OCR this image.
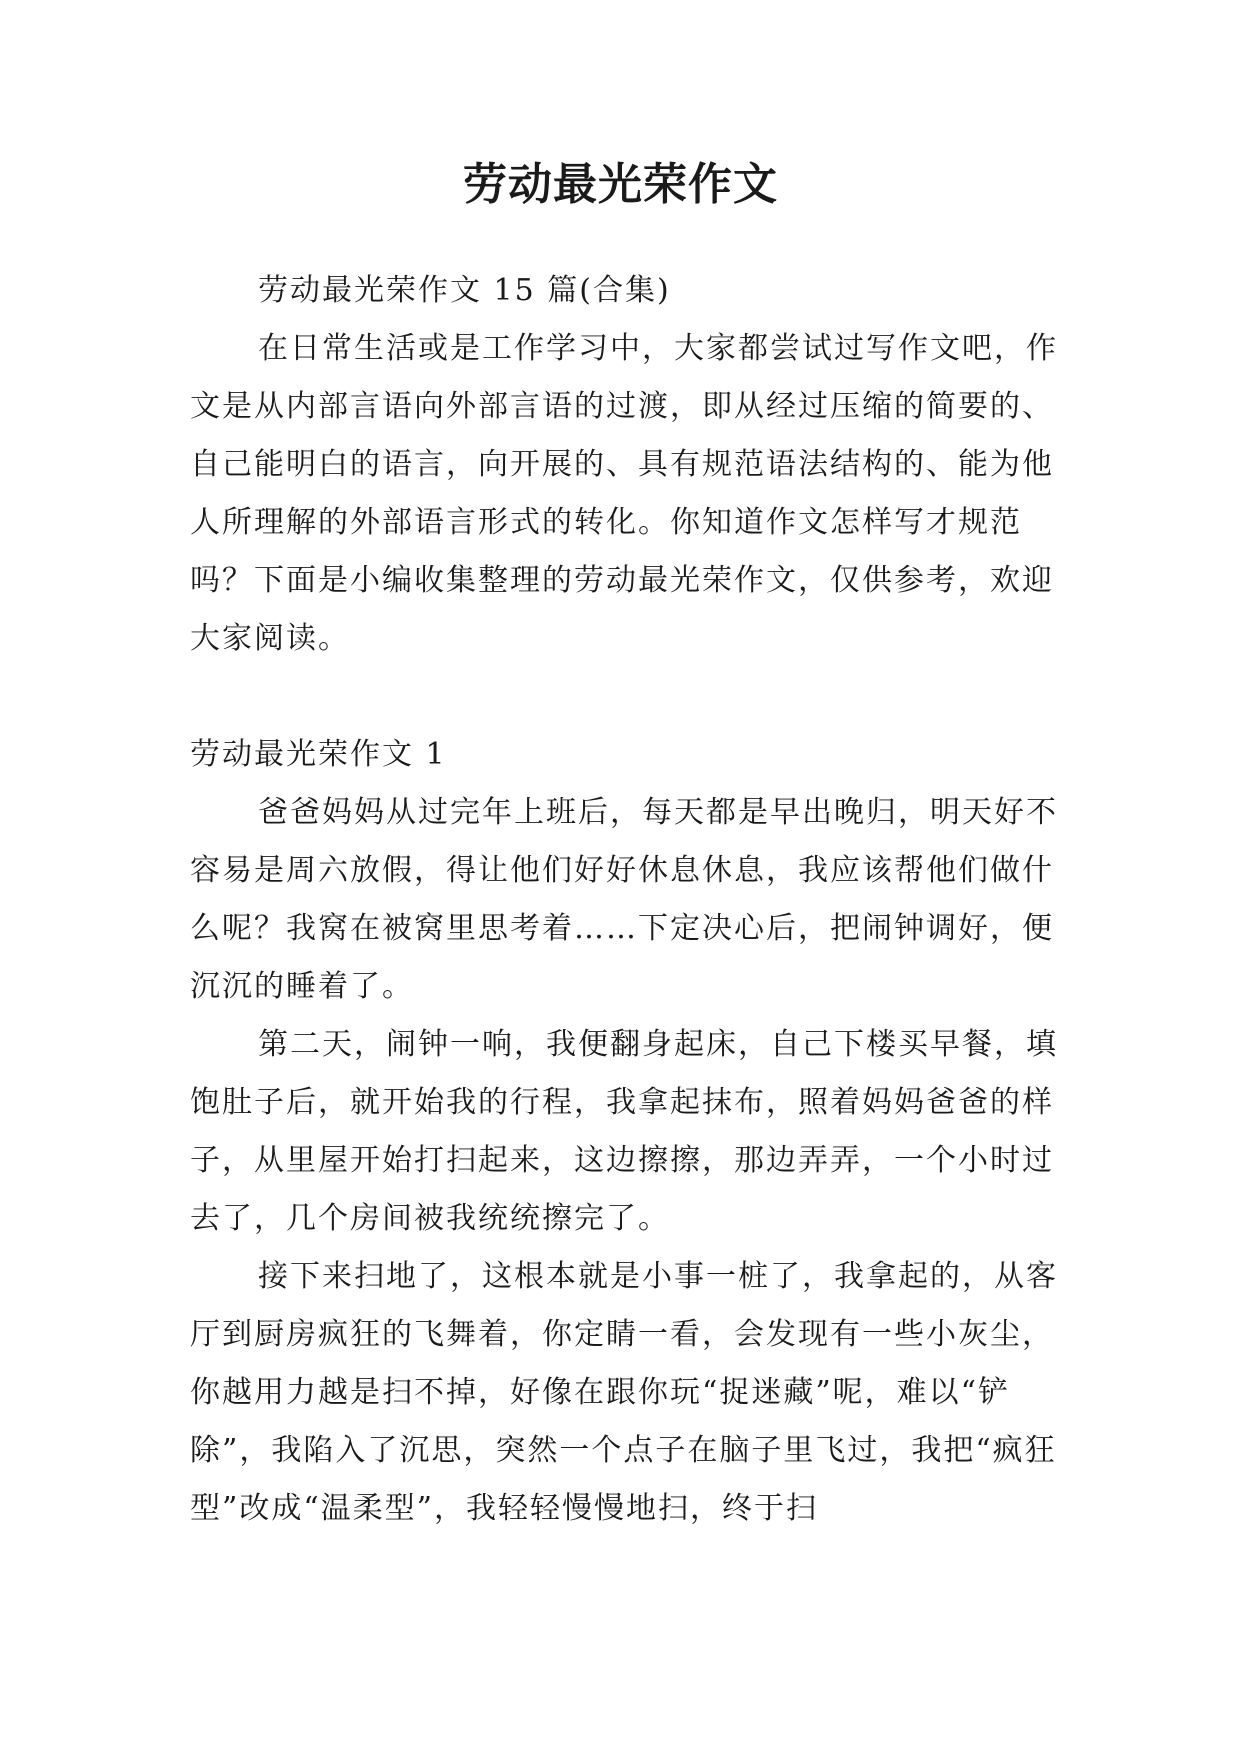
劳动最光荣作文

劳动最光荣作文 15 篇(合集)

在日常生活或是工作学习中，大家都尝试过写作文吧，作文是从内部言语向外部言语的过渡，即从经过压缩的简要的、自己能明白的语言，向开展的、具有规范语法结构的、能为他人所理解的外部语言形式的转化。你知道作文怎样写才规范吗？下面是小编收集整理的劳动最光荣作文，仅供参考，欢迎大家阅读。

劳动最光荣作文 1

爸爸妈妈从过完年上班后，每天都是早出晚归，明天好不容易是周六放假，得让他们好好休息休息，我应该帮他们做什么呢？我窝在被窝里思考着……下定决心后，把闹钟调好，便沉沉的睡着了。

第二天，闹钟一响，我便翻身起床，自己下楼买早餐，填饱肚子后，就开始我的行程，我拿起抹布，照着妈妈爸爸的样子，从里屋开始打扫起来，这边擦擦，那边弄弄，一个小时过去了，几个房间被我统统擦完了。

接下来扫地了，这根本就是小事一桩了，我拿起的，从客厅到厨房疯狂的飞舞着，你定睛一看，会发现有一些小灰尘，你越用力越是扫不掉，好像在跟你玩“捉迷藏”呢，难以“铲除”，我陷入了沉思，突然一个点子在脑子里飞过，我把“疯狂型”改成“温柔型”，我轻轻慢慢地扫，终于扫
